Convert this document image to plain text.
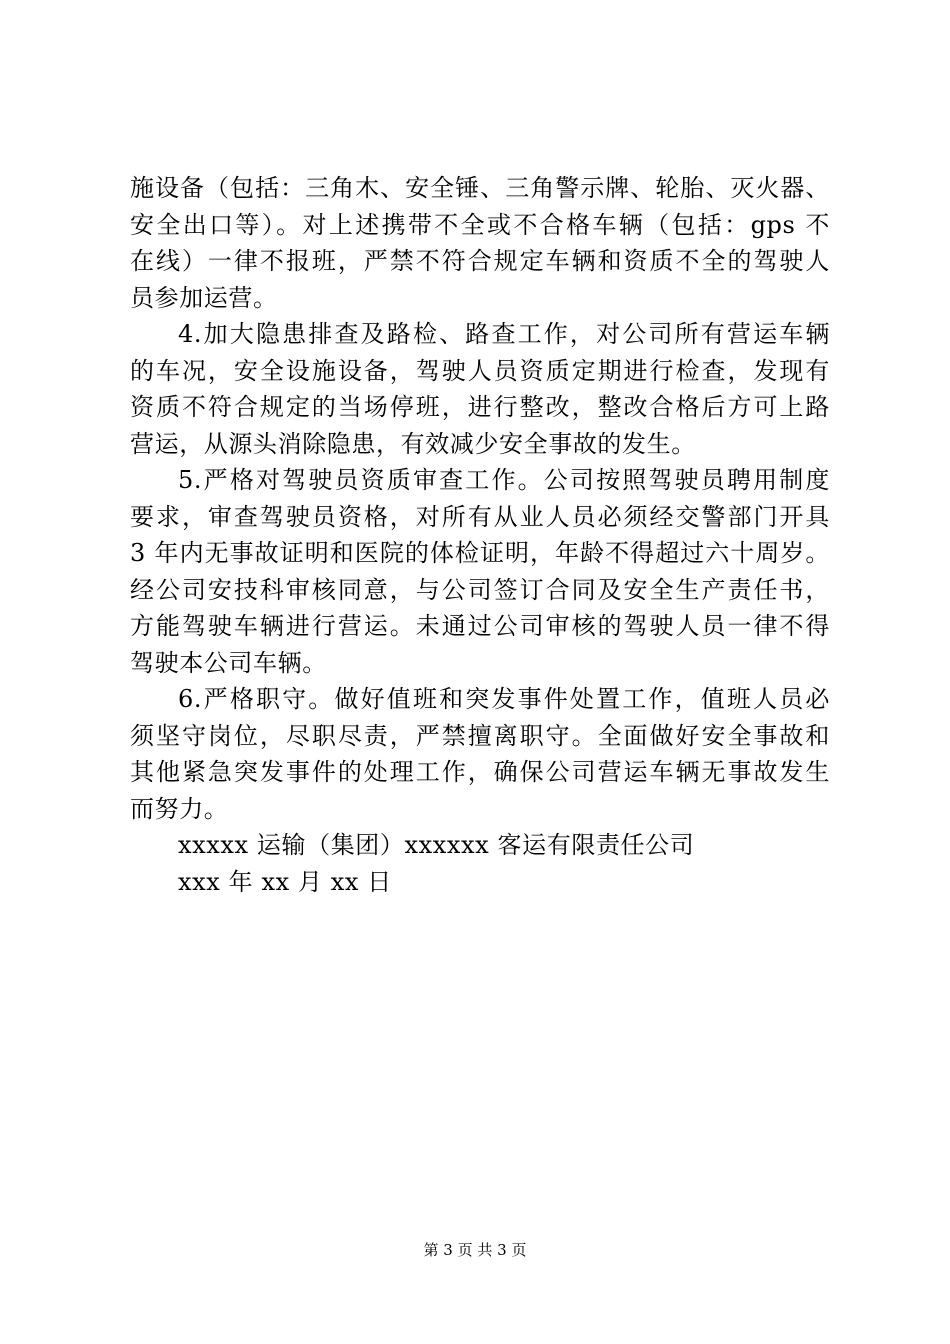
施设备（包括：三角木、安全锤、三角警示牌、轮胎、灭火器、
安全出口等）。对上述携带不全或不合格车辆（包括：gps 不
在线）一律不报班，严禁不符合规定车辆和资质不全的驾驶人
员参加运营。
4.加大隐患排查及路检、路查工作，对公司所有营运车辆
的车况，安全设施设备，驾驶人员资质定期进行检查，发现有
资质不符合规定的当场停班，进行整改，整改合格后方可上路
营运，从源头消除隐患，有效减少安全事故的发生。
5.严格对驾驶员资质审查工作。公司按照驾驶员聘用制度
要求，审查驾驶员资格，对所有从业人员必须经交警部门开具
3 年内无事故证明和医院的体检证明，年龄不得超过六十周岁。
经公司安技科审核同意，与公司签订合同及安全生产责任书，
方能驾驶车辆进行营运。未通过公司审核的驾驶人员一律不得
驾驶本公司车辆。
6.严格职守。做好值班和突发事件处置工作，值班人员必
须坚守岗位，尽职尽责，严禁擅离职守。全面做好安全事故和
其他紧急突发事件的处理工作，确保公司营运车辆无事故发生
而努力。
xxxxx 运输（集团）xxxxxx 客运有限责任公司
xxx 年 xx 月 xx 日
第 3 页 共 3 页
